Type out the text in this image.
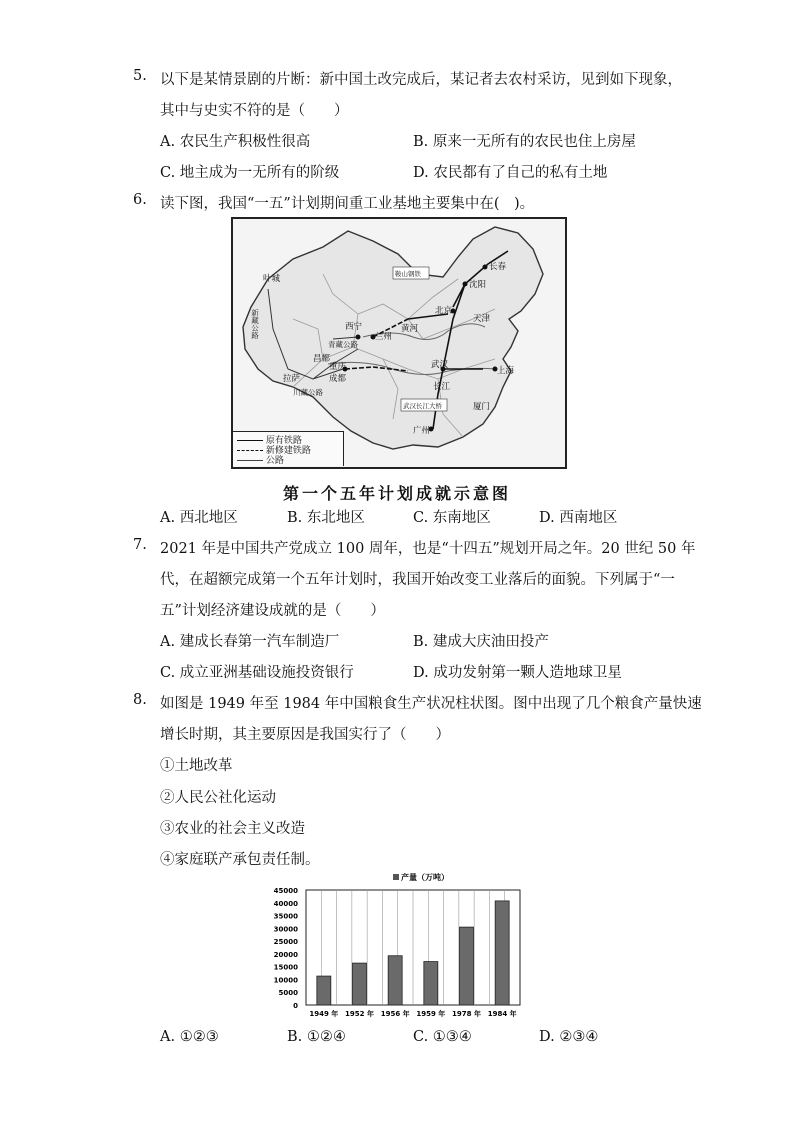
5. 以下是某情景剧的片断：新中国土改完成后，某记者去农村采访，见到如下现象，
其中与史实不符的是（　　）
A. 农民生产积极性很高	B. 原来一无所有的农民也住上房屋
C. 地主成为一无所有的阶级	D. 农民都有了自己的私有土地
6. 读下图，我国“一五”计划期间重工业基地主要集中在(　)。
沈阳
长春
北京
天津
上海
武汉
重庆
兰州
西宁
拉萨	成都
昌都
广州
厦门
叶城
黄河
长江
鞍山钢铁
武汉长江大桥
新藏公路
青藏公路
川藏公路
原有铁路
新修建铁路
公路
第一个五年计划成就示意图
A. 西北地区	B. 东北地区	C. 东南地区	D. 西南地区
7. 2021 年是中国共产党成立 100 周年，也是“十四五”规划开局之年。20 世纪 50 年
代，在超额完成第一个五年计划时，我国开始改变工业落后的面貌。下列属于“一
五”计划经济建设成就的是（　　）
A. 建成长春第一汽车制造厂	B. 建成大庆油田投产
C. 成立亚洲基础设施投资银行	D. 成功发射第一颗人造地球卫星
8. 如图是 1949 年至 1984 年中国粮食生产状况柱状图。图中出现了几个粮食产量快速
增长时期，其主要原因是我国实行了（　　）
①土地改革
②人民公社化运动
③农业的社会主义改造
④家庭联产承包责任制。
产量（万吨）
45000
40000
35000
30000
25000
20000
15000
10000
5000
0
1949 年 1952 年 1956 年 1959 年 1978 年 1984 年
A. ①②③	B. ①②④	C. ①③④	D. ②③④
